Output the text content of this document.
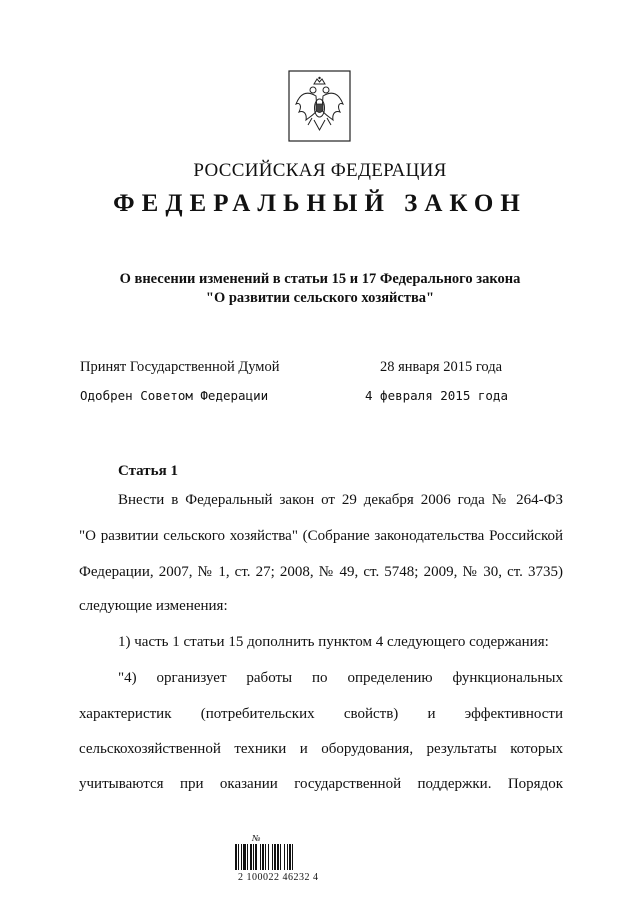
РОССИЙСКАЯ ФЕДЕРАЦИЯ
ФЕДЕРАЛЬНЫЙ ЗАКОН
О внесении изменений в статьи 15 и 17 Федерального закона
"О развитии сельского хозяйства"
Принят Государственной Думой	28 января 2015 года
Одобрен Советом Федерации	4 февраля 2015 года
Статья 1
Внести в Федеральный закон от 29 декабря 2006 года № 264-ФЗ
"О развитии сельского хозяйства" (Собрание законодательства Российской
Федерации, 2007, № 1, ст. 27; 2008, № 49, ст. 5748; 2009, № 30, ст. 3735)
следующие изменения:
1) часть 1 статьи 15 дополнить пунктом 4 следующего содержания:
"4) организует работы по определению функциональных
характеристик (потребительских свойств) и эффективности
сельскохозяйственной техники и оборудования, результаты которых
учитываются при оказании государственной поддержки. Порядок
№
2 100022 46232 4
